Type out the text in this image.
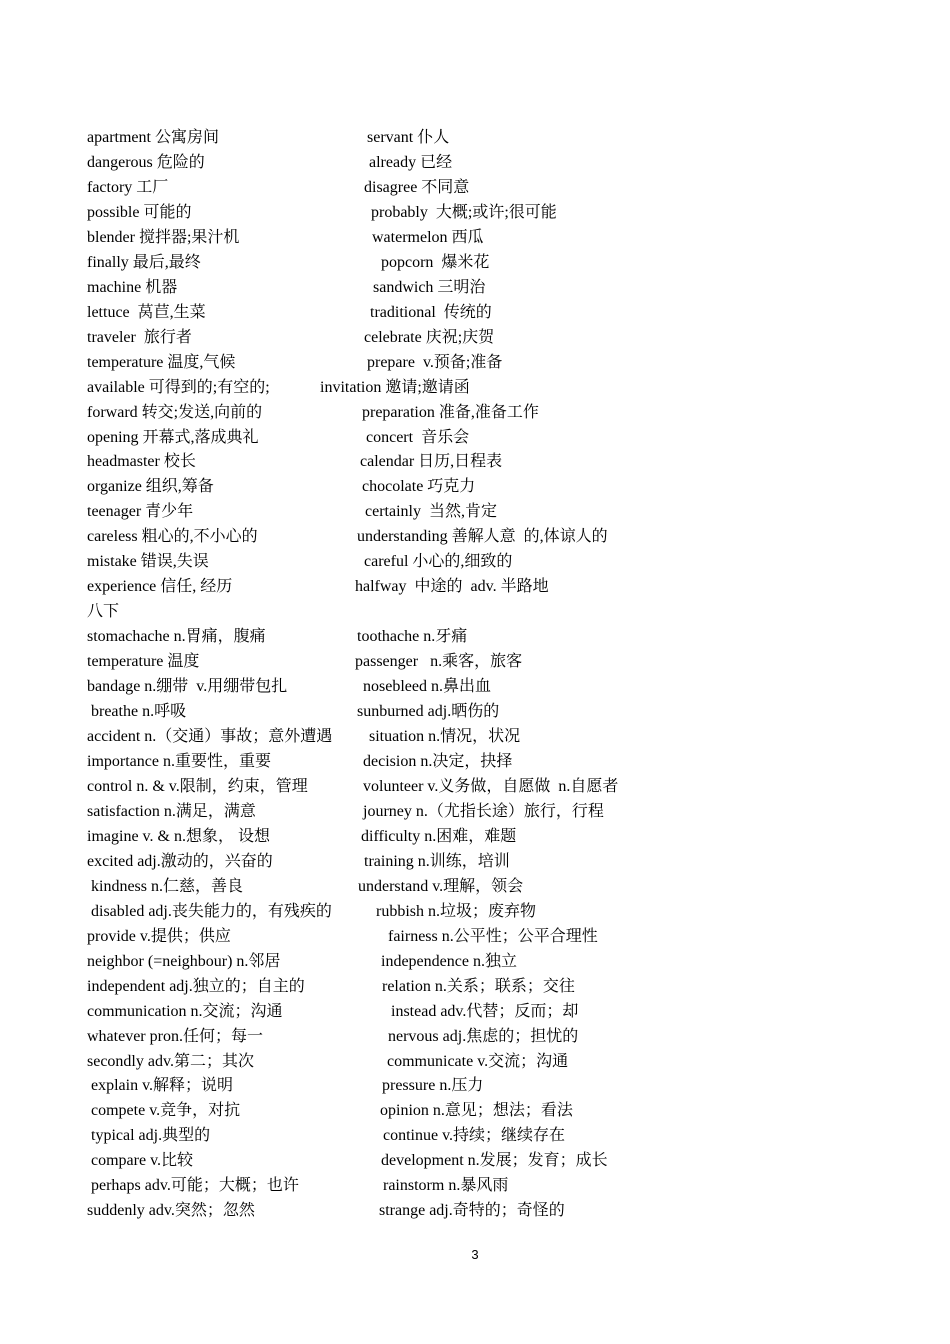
apartment 公寓房间	servant 仆人
dangerous 危险的	already 已经
factory 工厂	disagree 不同意
possible 可能的	probably  大概;或许;很可能
blender 搅拌器;果汁机	watermelon 西瓜
finally 最后,最终	popcorn  爆米花
machine 机器	sandwich 三明治
lettuce  莴苣,生菜	traditional  传统的
traveler  旅行者	celebrate 庆祝;庆贺
temperature 温度,气候	prepare  v.预备;准备
available 可得到的;有空的;	invitation 邀请;邀请函
forward 转交;发送,向前的	preparation 准备,准备工作
opening 开幕式,落成典礼	concert  音乐会
headmaster 校长	calendar 日历,日程表
organize 组织,筹备	chocolate 巧克力
teenager 青少年	certainly  当然,肯定
careless 粗心的,不小心的	understanding 善解人意  的,体谅人的
mistake 错误,失误	careful 小心的,细致的
experience 信任, 经历	halfway  中途的  adv. 半路地
八下
stomachache n.胃痛，腹痛	toothache n.牙痛
temperature 温度	passenger   n.乘客，旅客
bandage n.绷带  v.用绷带包扎	nosebleed n.鼻出血
breathe n.呼吸	sunburned adj.晒伤的
accident n.（交通）事故；意外遭遇 situation n.情况，状况
importance n.重要性，重要	decision n.决定，抉择
control n. & v.限制，约束，管理	volunteer v.义务做，自愿做  n.自愿者
satisfaction n.满足，满意	journey n.（尤指长途）旅行，行程
imagine v. & n.想象， 设想	difficulty n.困难，难题
excited adj.激动的，兴奋的	training n.训练，培训
kindness n.仁慈，善良	understand v.理解，领会
disabled adj.丧失能力的，有残疾的	rubbish n.垃圾；废弃物
provide v.提供；供应	fairness n.公平性；公平合理性
neighbor (=neighbour) n.邻居	independence n.独立
independent adj.独立的；自主的	relation n.关系；联系；交往
communication n.交流；沟通	instead adv.代替；反而；却
whatever pron.任何；每一	nervous adj.焦虑的；担忧的
secondly adv.第二；其次	communicate v.交流；沟通
explain v.解释；说明	pressure n.压力
compete v.竞争，对抗	opinion n.意见；想法；看法
typical adj.典型的	continue v.持续；继续存在
compare v.比较	development n.发展；发育；成长
perhaps adv.可能；大概；也许	rainstorm n.暴风雨
suddenly adv.突然；忽然	strange adj.奇特的；奇怪的
3
